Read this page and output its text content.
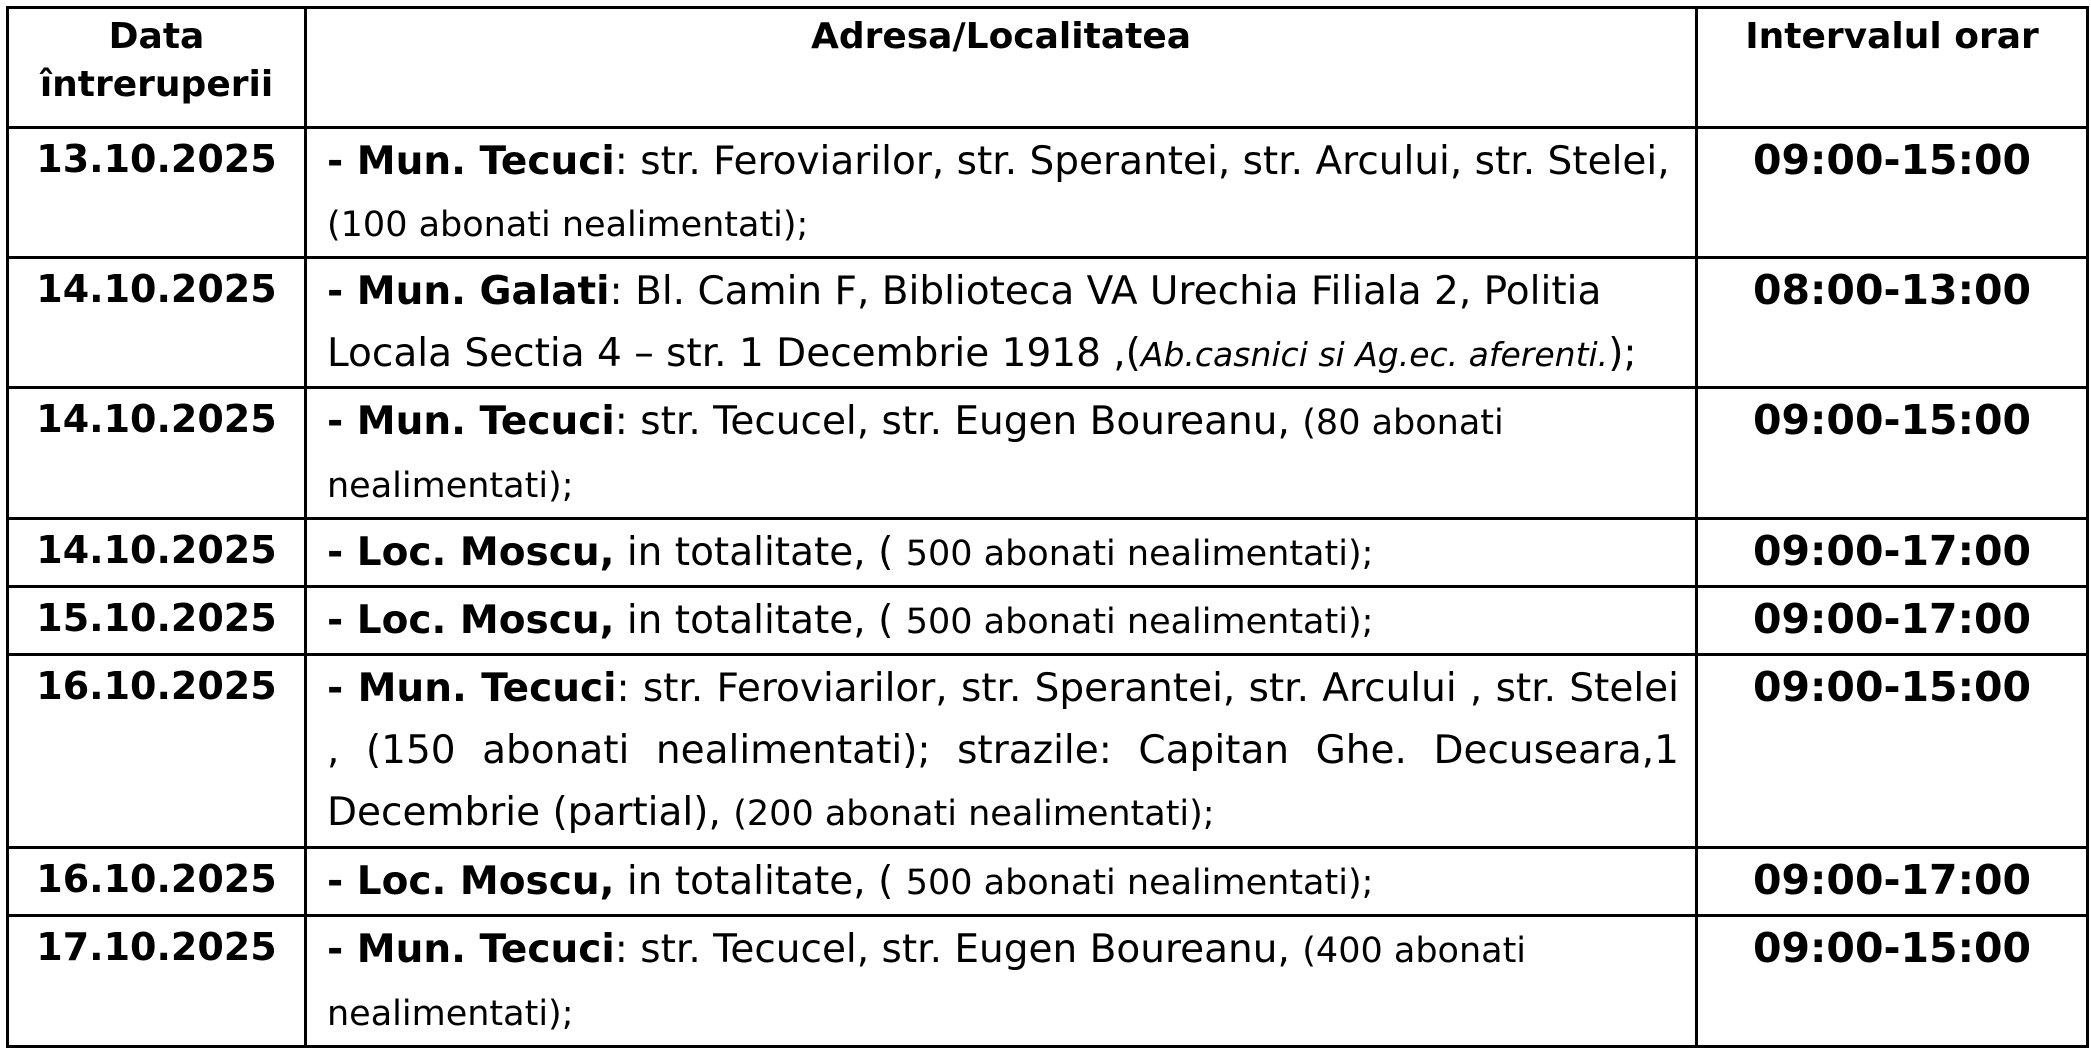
Data întreruperii	Adresa/Localitatea	Intervalul orar
13.10.2025	- Mun. Tecuci: str. Feroviarilor, str. Sperantei, str. Arcului, str. Stelei, (100 abonati nealimentati);	09:00-15:00
14.10.2025	- Mun. Galati: Bl. Camin F, Biblioteca VA Urechia Filiala 2, Politia Locala Sectia 4 – str. 1 Decembrie 1918 ,(Ab.casnici si Ag.ec. aferenti.);	08:00-13:00
14.10.2025	- Mun. Tecuci: str. Tecucel, str. Eugen Boureanu, (80 abonati nealimentati);	09:00-15:00
14.10.2025	- Loc. Moscu, in totalitate, ( 500 abonati nealimentati);	09:00-17:00
15.10.2025	- Loc. Moscu, in totalitate, ( 500 abonati nealimentati);	09:00-17:00
16.10.2025	- Mun. Tecuci: str. Feroviarilor, str. Sperantei, str. Arcului , str. Stelei , (150 abonati nealimentati); strazile: Capitan Ghe. Decuseara,1 Decembrie (partial), (200 abonati nealimentati);	09:00-15:00
16.10.2025	- Loc. Moscu, in totalitate, ( 500 abonati nealimentati);	09:00-17:00
17.10.2025	- Mun. Tecuci: str. Tecucel, str. Eugen Boureanu, (400 abonati nealimentati);	09:00-15:00
